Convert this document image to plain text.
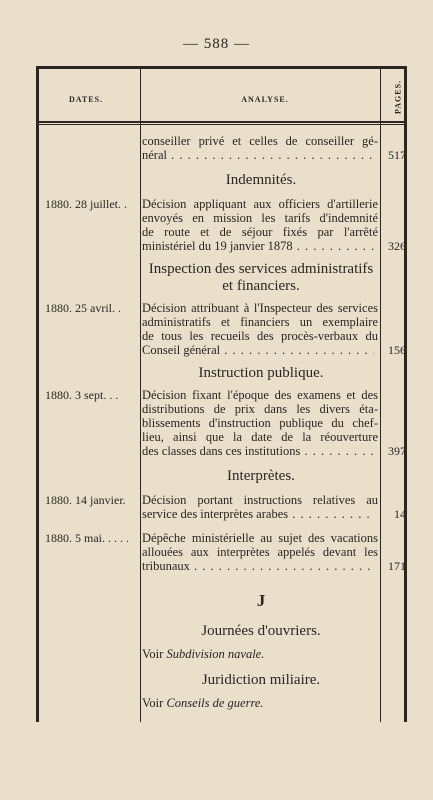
— 588 —
DATES.	ANALYSE.	PAGES.
conseiller privé et celles de conseiller gé-
néral . . .	517
Indemnités.
1880. 28 juillet. .	Décision appliquant aux officiers d'artillerie
envoyés en mission les tarifs d'indemnité
de route et de séjour fixés par l'arrêté
ministériel du 19 janvier 1878 . . .	326
Inspection des services administratifs
et financiers.
1880. 25 avril. .	Décision attribuant à l'Inspecteur des services
administratifs et financiers un exemplaire
de tous les recueils des procès-verbaux du
Conseil général . . .	156
Instruction publique.
1880. 3 sept. . .	Décision fixant l'époque des examens et des
distributions de prix dans les divers éta-
blissements d'instruction publique du chef-
lieu, ainsi que la date de la réouverture
des classes dans ces institutions . . .	397
Interprètes.
1880. 14 janvier.	Décision portant instructions relatives au
service des interprètes arabes . . .	14
1880. 5 mai. . . . .	Dépêche ministérielle au sujet des vacations
allouées aux interprètes appelés devant les
tribunaux . . .	171
J
Journées d'ouvriers.
Voir Subdivision navale.
Juridiction miliaire.
Voir Conseils de guerre.
